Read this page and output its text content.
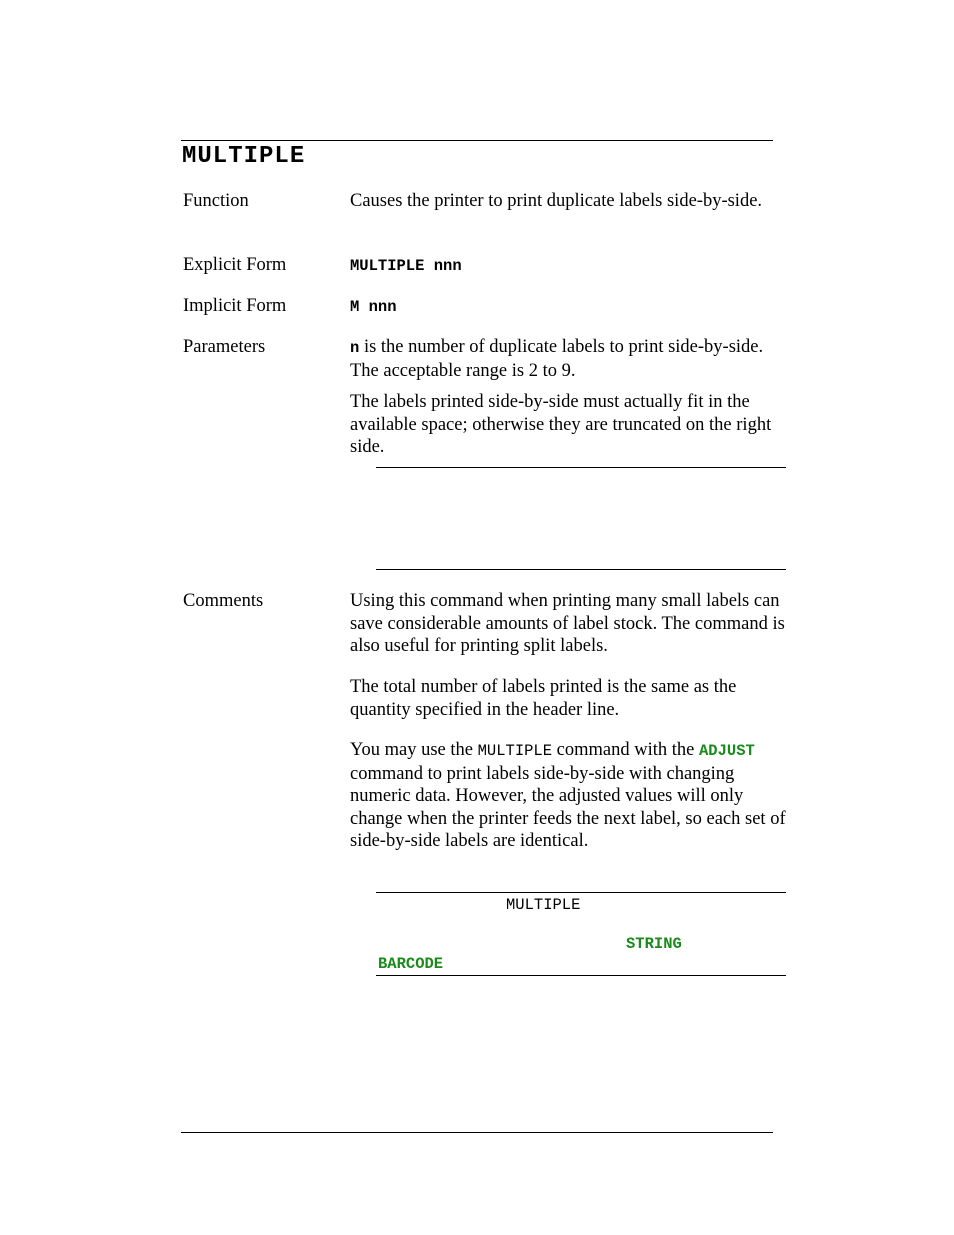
MULTIPLE
Function	Causes the printer to print duplicate labels side-by-side.
Explicit Form	MULTIPLE nnn
Implicit Form	M nnn
Parameters	n is the number of duplicate labels to print side-by-side. The acceptable range is 2 to 9.
The labels printed side-by-side must actually fit in the available space; otherwise they are truncated on the right side.
Comments	Using this command when printing many small labels can save considerable amounts of label stock. The command is also useful for printing split labels.
The total number of labels printed is the same as the quantity specified in the header line.
You may use the MULTIPLE command with the ADJUST command to print labels side-by-side with changing numeric data. However, the adjusted values will only change when the printer feeds the next label, so each set of side-by-side labels are identical.
MULTIPLE
STRING
BARCODE
